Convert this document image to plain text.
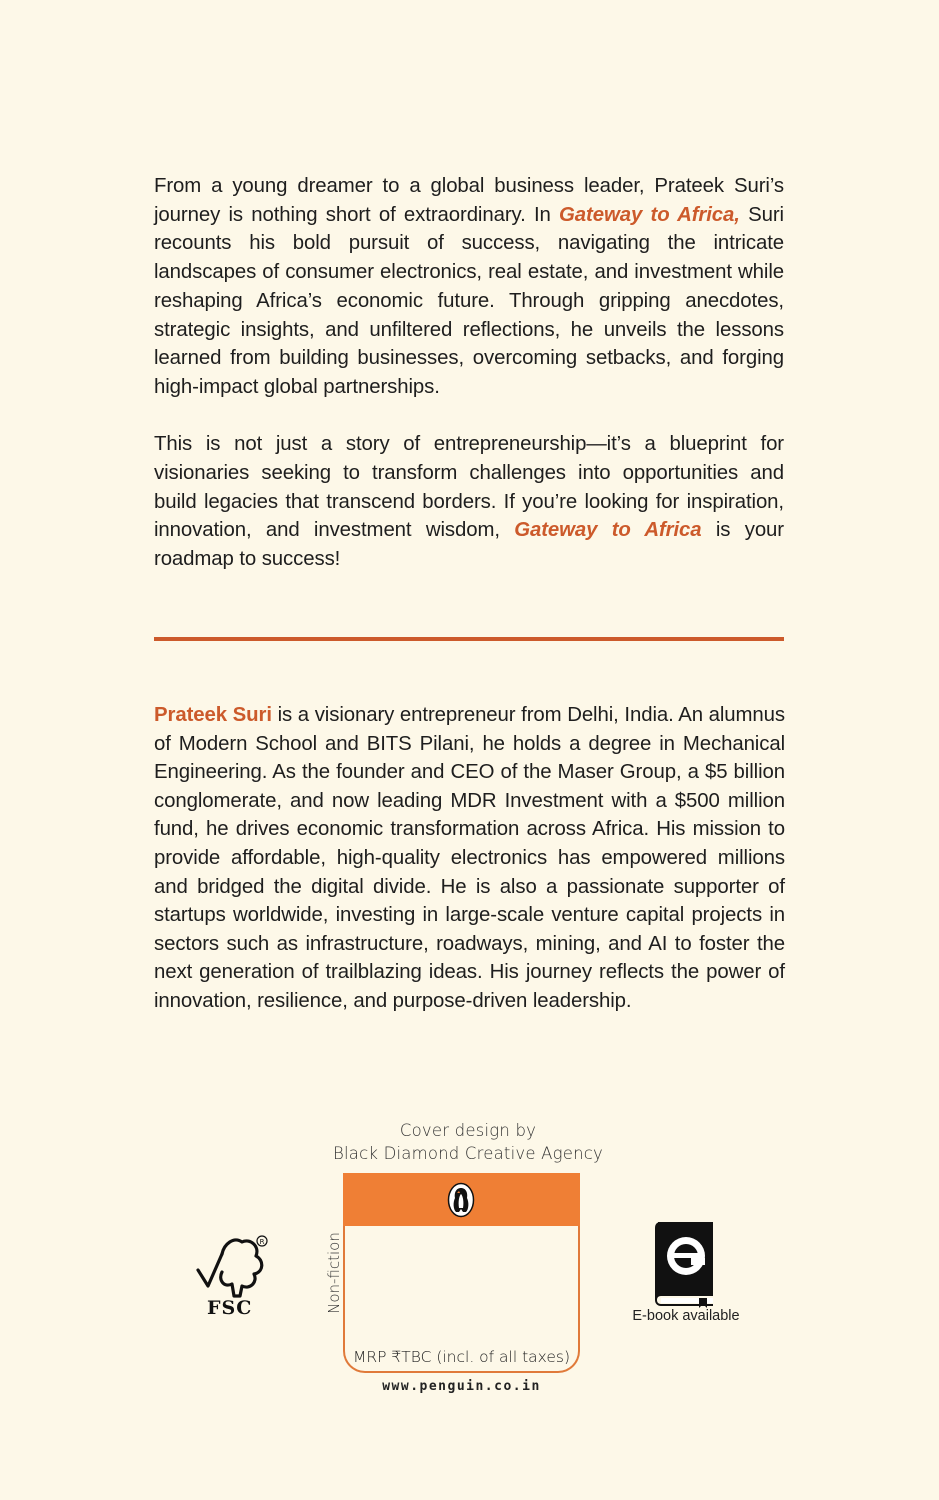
From a young dreamer to a global business leader, Prateek Suri’s journey is nothing short of extraordinary. In Gateway to Africa, Suri recounts his bold pursuit of success, navigating the intricate landscapes of consumer electronics, real estate, and investment while reshaping Africa’s economic future. Through gripping anecdotes, strategic insights, and unfiltered reflections, he unveils the lessons learned from building businesses, overcoming setbacks, and forging high-impact global partnerships.

This is not just a story of entrepreneurship—it’s a blueprint for visionaries seeking to transform challenges into opportunities and build legacies that transcend borders. If you’re looking for inspiration, innovation, and investment wisdom, Gateway to Africa is your roadmap to success!

Prateek Suri is a visionary entrepreneur from Delhi, India. An alumnus of Modern School and BITS Pilani, he holds a degree in Mechanical Engineering. As the founder and CEO of the Maser Group, a $5 billion conglomerate, and now leading MDR Investment with a $500 million fund, he drives economic transformation across Africa. His mission to provide affordable, high-quality electronics has empowered millions and bridged the digital divide. He is also a passionate supporter of startups worldwide, investing in large-scale venture capital projects in sectors such as infrastructure, roadways, mining, and AI to foster the next generation of trailblazing ideas. His journey reflects the power of innovation, resilience, and purpose-driven leadership.

Cover design by
Black Diamond Creative Agency
R
FSC	Non-fiction
MRP ₹TBC (incl. of all taxes)
www.penguin.co.in
E-book available
